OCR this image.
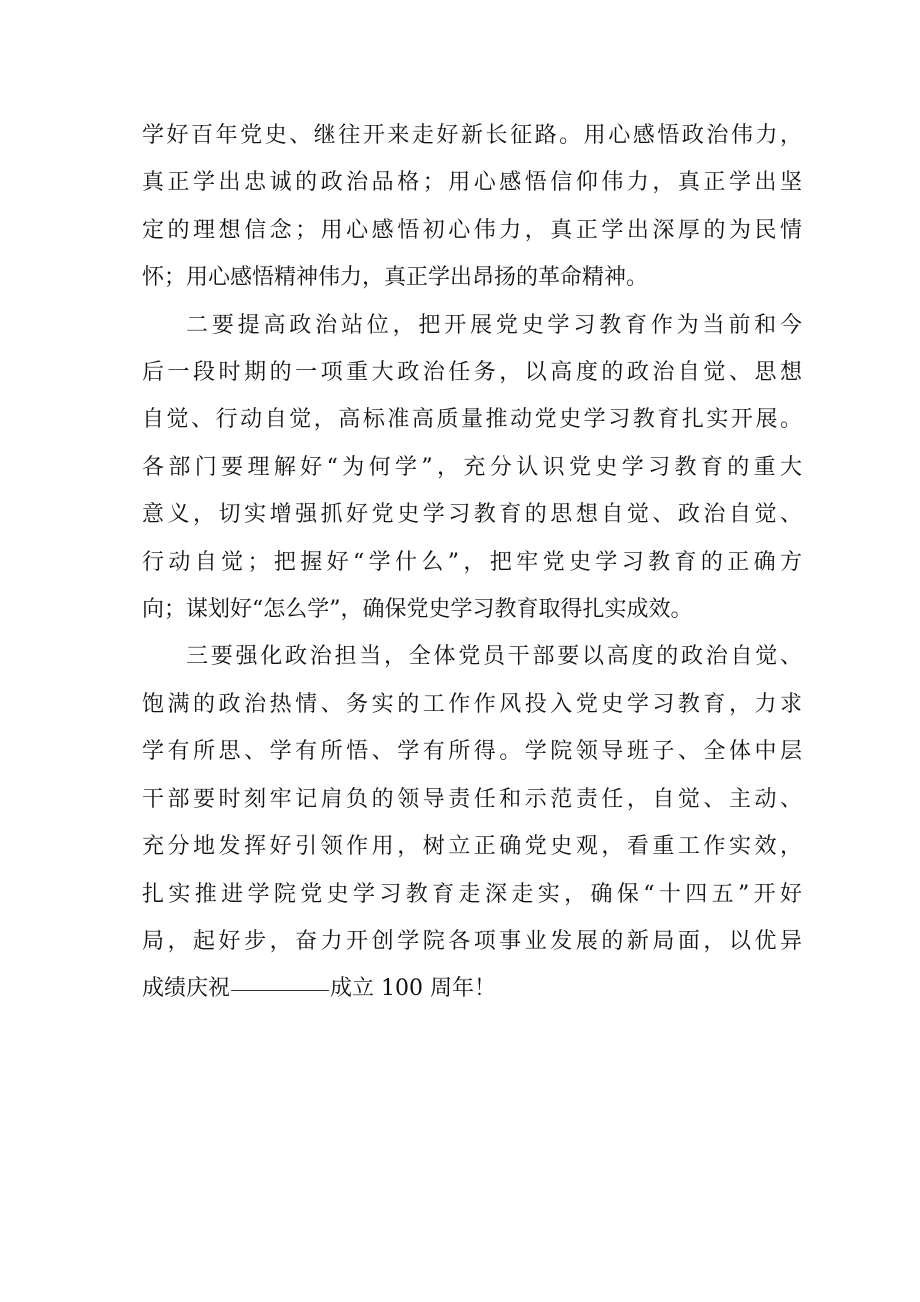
学好百年党史、继往开来走好新长征路。用心感悟政治伟力，
真正学出忠诚的政治品格；用心感悟信仰伟力，真正学出坚
定的理想信念；用心感悟初心伟力，真正学出深厚的为民情
怀；用心感悟精神伟力，真正学出昂扬的革命精神。
二要提高政治站位，把开展党史学习教育作为当前和今
后一段时期的一项重大政治任务，以高度的政治自觉、思想
自觉、行动自觉，高标准高质量推动党史学习教育扎实开展。
各部门要理解好“为何学”，充分认识党史学习教育的重大
意义，切实增强抓好党史学习教育的思想自觉、政治自觉、
行动自觉；把握好“学什么”，把牢党史学习教育的正确方
向；谋划好“怎么学”，确保党史学习教育取得扎实成效。
三要强化政治担当，全体党员干部要以高度的政治自觉、
饱满的政治热情、务实的工作作风投入党史学习教育，力求
学有所思、学有所悟、学有所得。学院领导班子、全体中层
干部要时刻牢记肩负的领导责任和示范责任，自觉、主动、
充分地发挥好引领作用，树立正确党史观，看重工作实效，
扎实推进学院党史学习教育走深走实，确保“十四五”开好
局，起好步，奋力开创学院各项事业发展的新局面，以优异
成绩庆祝	成立 100 周年！
